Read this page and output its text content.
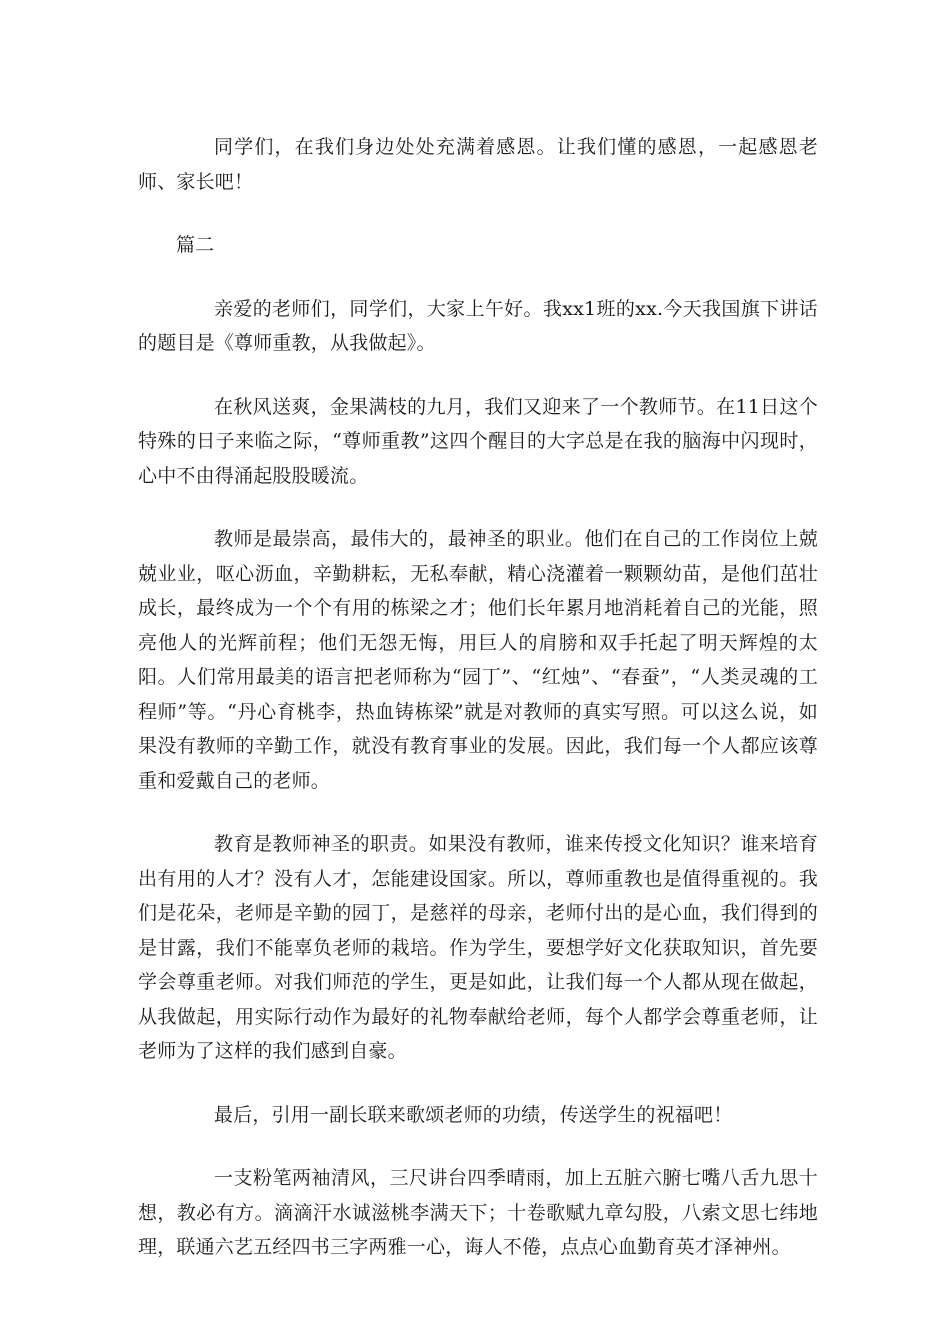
同学们，在我们身边处处充满着感恩。让我们懂的感恩，一起感恩老师、家长吧！

篇二

亲爱的老师们，同学们，大家上午好。我xx1班的xx.今天我国旗下讲话的题目是《尊师重教，从我做起》。

在秋风送爽，金果满枝的九月，我们又迎来了一个教师节。在11日这个特殊的日子来临之际，“尊师重教”这四个醒目的大字总是在我的脑海中闪现时，心中不由得涌起股股暖流。

教师是最崇高，最伟大的，最神圣的职业。他们在自己的工作岗位上兢兢业业，呕心沥血，辛勤耕耘，无私奉献，精心浇灌着一颗颗幼苗，是他们茁壮成长，最终成为一个个有用的栋梁之才；他们长年累月地消耗着自己的光能，照亮他人的光辉前程；他们无怨无悔，用巨人的肩膀和双手托起了明天辉煌的太阳。人们常用最美的语言把老师称为“园丁”、“红烛”、“春蚕”，“人类灵魂的工程师”等。“丹心育桃李，热血铸栋梁”就是对教师的真实写照。可以这么说，如果没有教师的辛勤工作，就没有教育事业的发展。因此，我们每一个人都应该尊重和爱戴自己的老师。

教育是教师神圣的职责。如果没有教师，谁来传授文化知识？谁来培育出有用的人才？没有人才，怎能建设国家。所以，尊师重教也是值得重视的。我们是花朵，老师是辛勤的园丁，是慈祥的母亲，老师付出的是心血，我们得到的是甘露，我们不能辜负老师的栽培。作为学生，要想学好文化获取知识，首先要学会尊重老师。对我们师范的学生，更是如此，让我们每一个人都从现在做起，从我做起，用实际行动作为最好的礼物奉献给老师，每个人都学会尊重老师，让老师为了这样的我们感到自豪。

最后，引用一副长联来歌颂老师的功绩，传送学生的祝福吧！

一支粉笔两袖清风，三尺讲台四季晴雨，加上五脏六腑七嘴八舌九思十想，教必有方。滴滴汗水诚滋桃李满天下；十卷歌赋九章勾股，八索文思七纬地理，联通六艺五经四书三字两雅一心，诲人不倦，点点心血勤育英才泽神州。
